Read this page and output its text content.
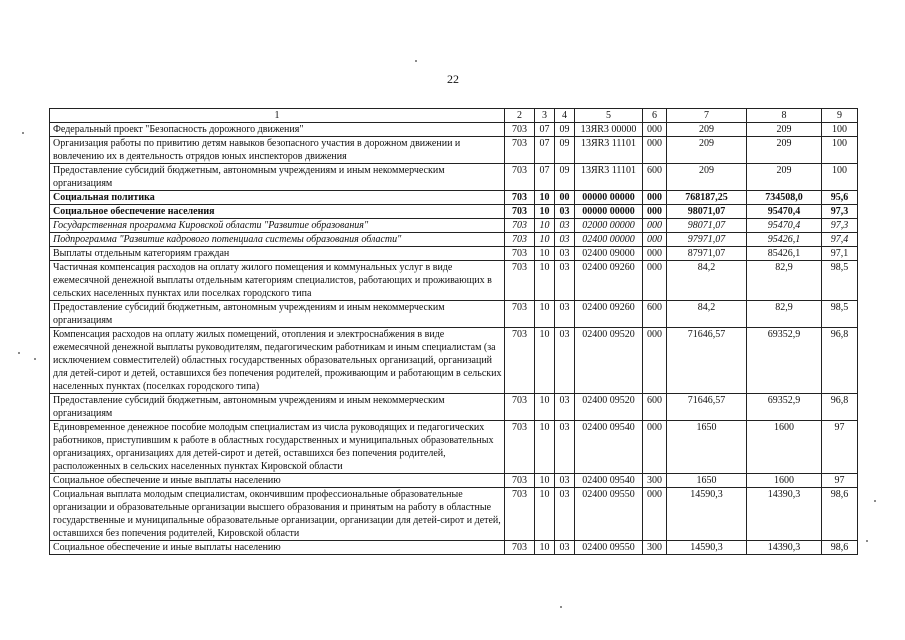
22
1	2	3	4	5	6	7	8	9
Федеральный проект "Безопасность дорожного движения"	703	07	09	13ЯR3 00000	000	209	209	100
Организация работы по привитию детям навыков безопасного участия в дорожном движении и вовлечению их в деятельность отрядов юных инспекторов движения	703	07	09	13ЯR3 11101	000	209	209	100
Предоставление субсидий бюджетным, автономным учреждениям и иным некоммерческим организациям	703	07	09	13ЯR3 11101	600	209	209	100
Социальная политика	703	10	00	00000 00000	000	768187,25	734508,0	95,6
Социальное обеспечение населения	703	10	03	00000 00000	000	98071,07	95470,4	97,3
Государственная программа Кировской области "Развитие образования"	703	10	03	02000 00000	000	98071,07	95470,4	97,3
Подпрограмма "Развитие кадрового потенциала системы образования области"	703	10	03	02400 00000	000	97971,07	95426,1	97,4
Выплаты отдельным категориям граждан	703	10	03	02400 09000	000	87971,07	85426,1	97,1
Частичная компенсация расходов на оплату жилого помещения и коммунальных услуг в виде ежемесячной денежной выплаты отдельным категориям специалистов, работающих и проживающих в сельских населенных пунктах или поселках городского типа	703	10	03	02400 09260	000	84,2	82,9	98,5
Предоставление субсидий бюджетным, автономным учреждениям и иным некоммерческим организациям	703	10	03	02400 09260	600	84,2	82,9	98,5
Компенсация расходов на оплату жилых помещений, отопления и электроснабжения в виде ежемесячной денежной выплаты руководителям, педагогическим работникам и иным специалистам (за исключением совместителей) областных государственных образовательных организаций, организаций для детей-сирот и детей, оставшихся без попечения родителей, проживающим и работающим в сельских населенных пунктах (поселках городского типа)	703	10	03	02400 09520	000	71646,57	69352,9	96,8
Предоставление субсидий бюджетным, автономным учреждениям и иным некоммерческим организациям	703	10	03	02400 09520	600	71646,57	69352,9	96,8
Единовременное денежное пособие молодым специалистам из числа руководящих и педагогических работников, приступившим к работе в областных государственных и муниципальных образовательных организациях, организациях для детей-сирот и детей, оставшихся без попечения родителей, расположенных в сельских населенных пунктах Кировской области	703	10	03	02400 09540	000	1650	1600	97
Социальное обеспечение и иные выплаты населению	703	10	03	02400 09540	300	1650	1600	97
Социальная выплата молодым специалистам, окончившим профессиональные образовательные организации и образовательные организации высшего образования и принятым на работу в областные государственные и муниципальные образовательные организации, организации для детей-сирот и детей, оставшихся без попечения родителей, Кировской области	703	10	03	02400 09550	000	14590,3	14390,3	98,6
Социальное обеспечение и иные выплаты населению	703	10	03	02400 09550	300	14590,3	14390,3	98,6
